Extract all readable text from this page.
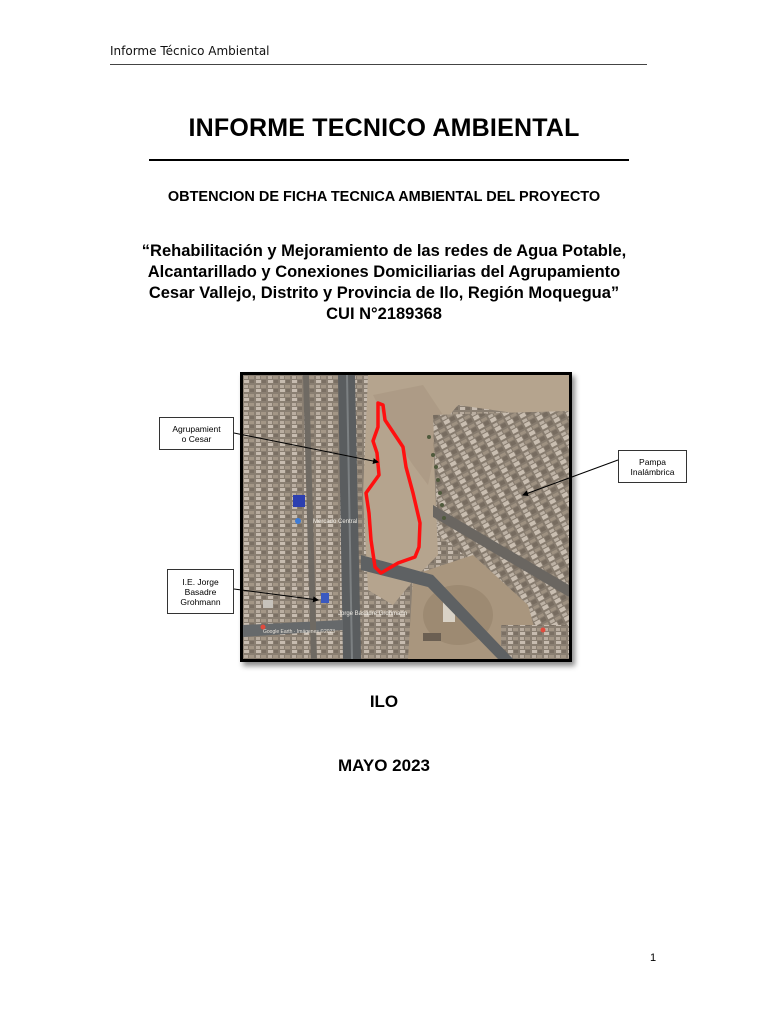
Informe Técnico Ambiental
INFORME TECNICO AMBIENTAL
OBTENCION DE FICHA TECNICA AMBIENTAL DEL PROYECTO
“Rehabilitación y Mejoramiento de las redes de Agua Potable,
Alcantarillado y Conexiones Domiciliarias del Agrupamiento
Cesar Vallejo, Distrito y Provincia de Ilo, Región Moquegua”
CUI N°2189368
Mercado Central
Jorge Basadre Grohmann
Google Earth · Imágenes ©2023
Agrupamient
o Cesar
Pampa
Inalámbrica
I.E. Jorge
Basadre
Grohmann
ILO
MAYO 2023
1
